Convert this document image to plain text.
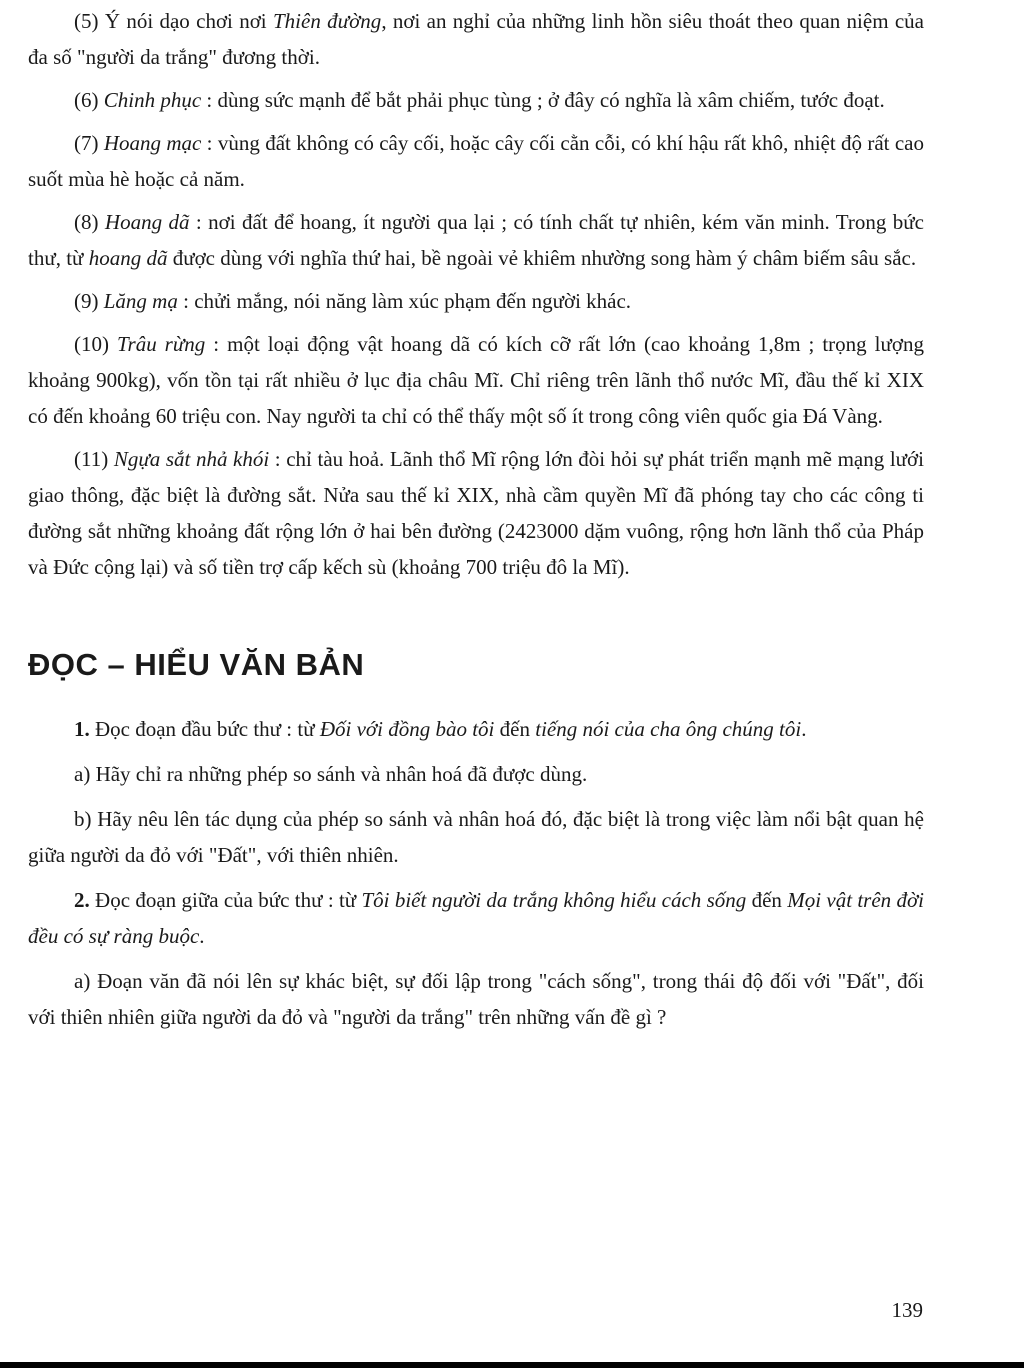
(5) Ý nói dạo chơi nơi Thiên đường, nơi an nghỉ của những linh hồn siêu thoát theo quan niệm của đa số "người da trắng" đương thời.

(6) Chinh phục : dùng sức mạnh để bắt phải phục tùng ; ở đây có nghĩa là xâm chiếm, tước đoạt.

(7) Hoang mạc : vùng đất không có cây cối, hoặc cây cối cằn cỗi, có khí hậu rất khô, nhiệt độ rất cao suốt mùa hè hoặc cả năm.

(8) Hoang dã : nơi đất để hoang, ít người qua lại ; có tính chất tự nhiên, kém văn minh. Trong bức thư, từ hoang dã được dùng với nghĩa thứ hai, bề ngoài vẻ khiêm nhường song hàm ý châm biếm sâu sắc.

(9) Lăng mạ : chửi mắng, nói năng làm xúc phạm đến người khác.

(10) Trâu rừng : một loại động vật hoang dã có kích cỡ rất lớn (cao khoảng 1,8m ; trọng lượng khoảng 900kg), vốn tồn tại rất nhiều ở lục địa châu Mĩ. Chỉ riêng trên lãnh thổ nước Mĩ, đầu thế kỉ XIX có đến khoảng 60 triệu con. Nay người ta chỉ có thể thấy một số ít trong công viên quốc gia Đá Vàng.

(11) Ngựa sắt nhả khói : chỉ tàu hoả. Lãnh thổ Mĩ rộng lớn đòi hỏi sự phát triển mạnh mẽ mạng lưới giao thông, đặc biệt là đường sắt. Nửa sau thế kỉ XIX, nhà cầm quyền Mĩ đã phóng tay cho các công ti đường sắt những khoảng đất rộng lớn ở hai bên đường (2423000 dặm vuông, rộng hơn lãnh thổ của Pháp và Đức cộng lại) và số tiền trợ cấp kếch sù (khoảng 700 triệu đô la Mĩ).

ĐỌC – HIỂU VĂN BẢN

1. Đọc đoạn đầu bức thư : từ Đối với đồng bào tôi đến tiếng nói của cha ông chúng tôi.

a) Hãy chỉ ra những phép so sánh và nhân hoá đã được dùng.

b) Hãy nêu lên tác dụng của phép so sánh và nhân hoá đó, đặc biệt là trong việc làm nổi bật quan hệ giữa người da đỏ với "Đất", với thiên nhiên.

2. Đọc đoạn giữa của bức thư : từ Tôi biết người da trắng không hiểu cách sống đến Mọi vật trên đời đều có sự ràng buộc.

a) Đoạn văn đã nói lên sự khác biệt, sự đối lập trong "cách sống", trong thái độ đối với "Đất", đối với thiên nhiên giữa người da đỏ và "người da trắng" trên những vấn đề gì ?

139
